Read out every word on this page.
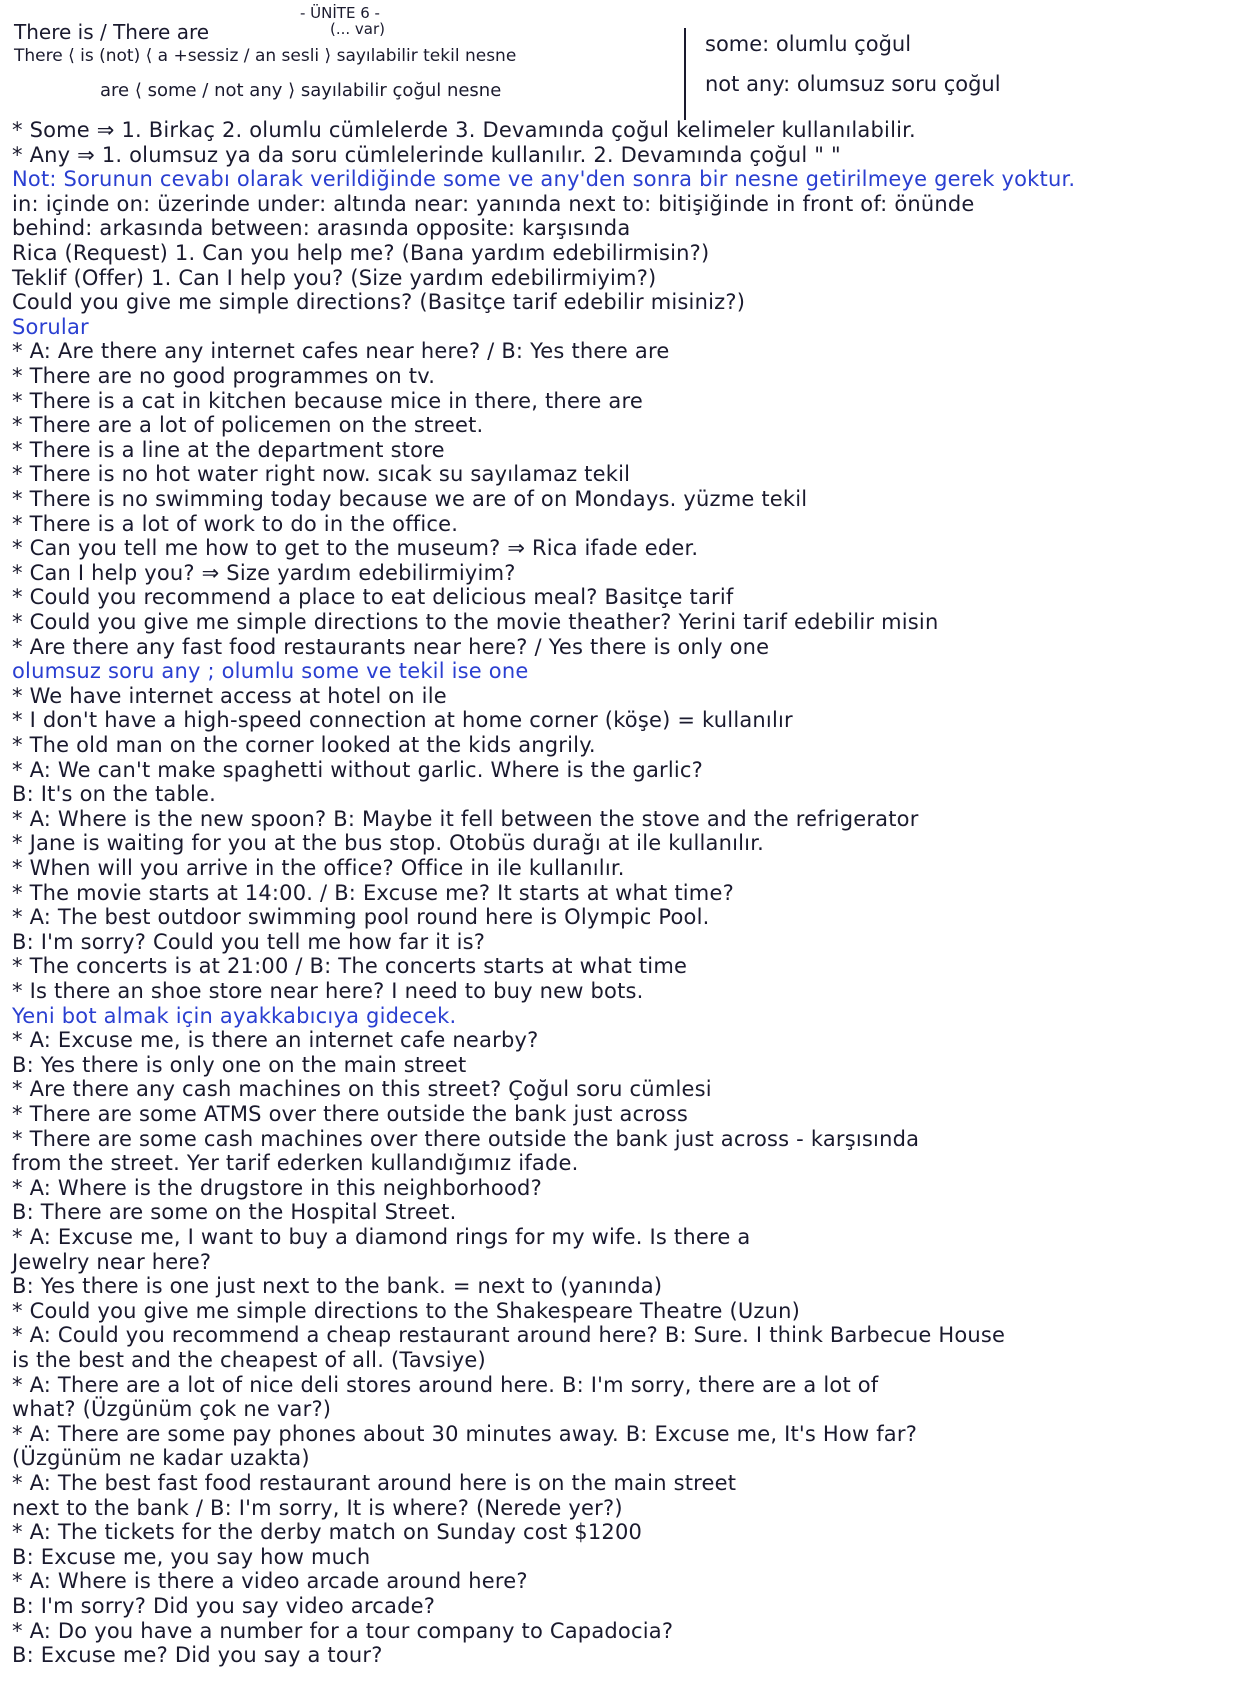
- ÜNİTE 6 -
(... var)
There is / There are
There ⟨ is (not) ⟨ a +sessiz / an sesli ⟩ sayılabilir tekil nesne
are ⟨ some / not any ⟩ sayılabilir çoğul nesne
some: olumlu çoğul
not any: olumsuz soru çoğul
* Some ⇒ 1. Birkaç 2. olumlu cümlelerde 3. Devamında çoğul kelimeler kullanılabilir.
* Any ⇒ 1. olumsuz ya da soru cümlelerinde kullanılır. 2. Devamında çoğul " "
Not: Sorunun cevabı olarak verildiğinde some ve any'den sonra bir nesne getirilmeye gerek yoktur.
in: içinde on: üzerinde under: altında near: yanında next to: bitişiğinde in front of: önünde
behind: arkasında between: arasında opposite: karşısında
Rica (Request) 1. Can you help me? (Bana yardım edebilirmisin?)
Teklif (Offer) 1. Can I help you? (Size yardım edebilirmiyim?)
Could you give me simple directions? (Basitçe tarif edebilir misiniz?)
Sorular
* A: Are there any internet cafes near here? / B: Yes there are
* There are no good programmes on tv.
* There is a cat in kitchen because mice in there, there are
* There are a lot of policemen on the street.
* There is a line at the department store
* There is no hot water right now. sıcak su sayılamaz tekil
* There is no swimming today because we are of on Mondays. yüzme tekil
* There is a lot of work to do in the office.
* Can you tell me how to get to the museum? ⇒ Rica ifade eder.
* Can I help you? ⇒ Size yardım edebilirmiyim?
* Could you recommend a place to eat delicious meal? Basitçe tarif
* Could you give me simple directions to the movie theather? Yerini tarif edebilir misin
* Are there any fast food restaurants near here? / Yes there is only one
olumsuz soru any ; olumlu some ve tekil ise one
* We have internet access at hotel on ile
* I don't have a high-speed connection at home corner (köşe) = kullanılır
* The old man on the corner looked at the kids angrily.
* A: We can't make spaghetti without garlic. Where is the garlic?
B: It's on the table.
* A: Where is the new spoon? B: Maybe it fell between the stove and the refrigerator
* Jane is waiting for you at the bus stop. Otobüs durağı at ile kullanılır.
* When will you arrive in the office? Office in ile kullanılır.
* The movie starts at 14:00. / B: Excuse me? It starts at what time?
* A: The best outdoor swimming pool round here is Olympic Pool.
B: I'm sorry? Could you tell me how far it is?
* The concerts is at 21:00 / B: The concerts starts at what time
* Is there an shoe store near here? I need to buy new bots.
Yeni bot almak için ayakkabıcıya gidecek.
* A: Excuse me, is there an internet cafe nearby?
B: Yes there is only one on the main street
* Are there any cash machines on this street? Çoğul soru cümlesi
* There are some ATMS over there outside the bank just across
* There are some cash machines over there outside the bank just across - karşısında
from the street. Yer tarif ederken kullandığımız ifade.
* A: Where is the drugstore in this neighborhood?
B: There are some on the Hospital Street.
* A: Excuse me, I want to buy a diamond rings for my wife. Is there a
Jewelry near here?
B: Yes there is one just next to the bank. = next to (yanında)
* Could you give me simple directions to the Shakespeare Theatre (Uzun)
* A: Could you recommend a cheap restaurant around here? B: Sure. I think Barbecue House
is the best and the cheapest of all. (Tavsiye)
* A: There are a lot of nice deli stores around here. B: I'm sorry, there are a lot of
what? (Üzgünüm çok ne var?)
* A: There are some pay phones about 30 minutes away. B: Excuse me, It's How far?
(Üzgünüm ne kadar uzakta)
* A: The best fast food restaurant around here is on the main street
next to the bank / B: I'm sorry, It is where? (Nerede yer?)
* A: The tickets for the derby match on Sunday cost $1200
B: Excuse me, you say how much
* A: Where is there a video arcade around here?
B: I'm sorry? Did you say video arcade?
* A: Do you have a number for a tour company to Capadocia?
B: Excuse me? Did you say a tour?
